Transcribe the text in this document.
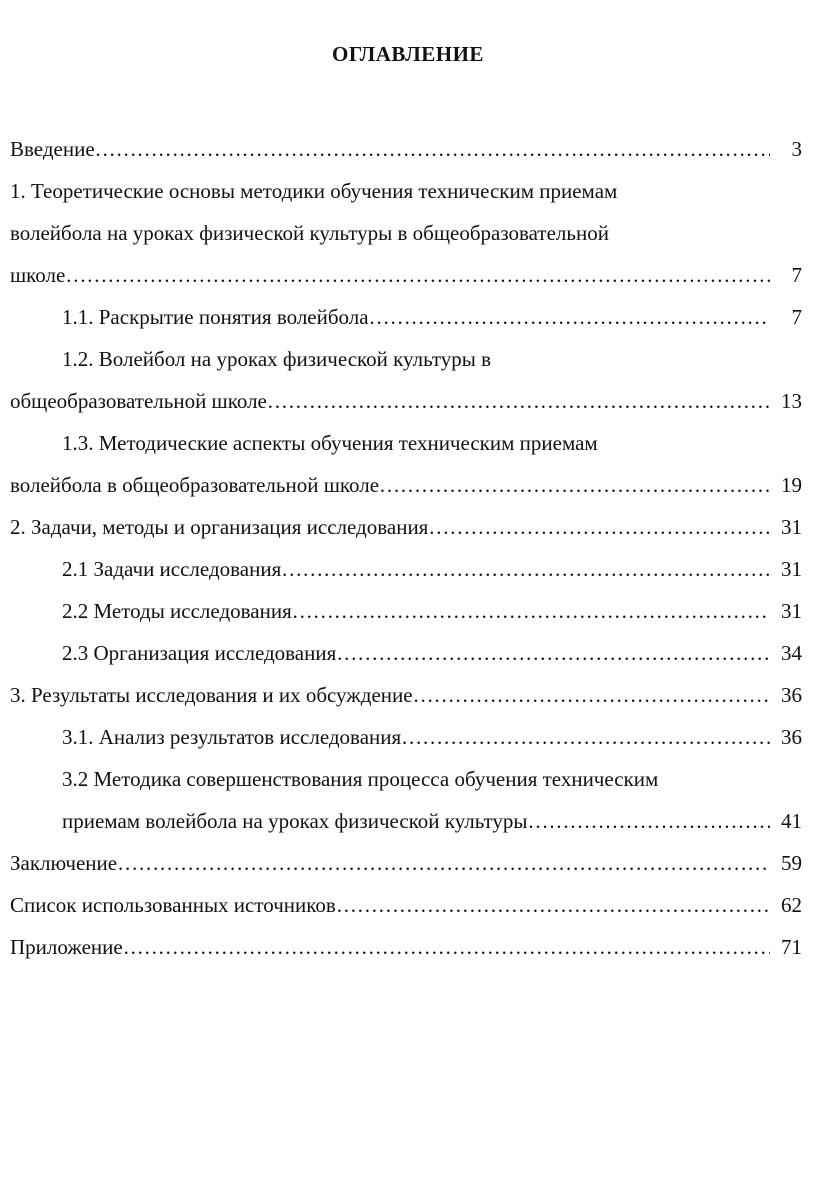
ОГЛАВЛЕНИЕ
Введение …………………………………………………………………………………………………………………………………………………………………………	3
1. Теоретические основы методики обучения техническим приемам
волейбола на уроках физической культуры в общеобразовательной
школе …………………………………………………………………………………………………………………………………………………………………………	7
1.1. Раскрытие понятия волейбола …………………………………………………………………………………………………………………………………………………………………………	7
1.2. Волейбол на уроках физической культуры в
общеобразовательной школе …………………………………………………………………………………………………………………………………………………………………………	13
1.3. Методические аспекты обучения техническим приемам
волейбола в общеобразовательной школе …………………………………………………………………………………………………………………………………………………………………………	19
2. Задачи, методы и организация исследования …………………………………………………………………………………………………………………………………………………………………………	31
2.1 Задачи исследования …………………………………………………………………………………………………………………………………………………………………………	31
2.2 Методы исследования …………………………………………………………………………………………………………………………………………………………………………	31
2.3 Организация исследования …………………………………………………………………………………………………………………………………………………………………………	34
3. Результаты исследования и их обсуждение …………………………………………………………………………………………………………………………………………………………………………	36
3.1. Анализ результатов исследования …………………………………………………………………………………………………………………………………………………………………………	36
3.2 Методика совершенствования процесса обучения техническим
приемам волейбола на уроках физической культуры …………………………………………………………………………………………………………………………………………………………………………	41
Заключение …………………………………………………………………………………………………………………………………………………………………………	59
Список использованных источников …………………………………………………………………………………………………………………………………………………………………………	62
Приложение …………………………………………………………………………………………………………………………………………………………………………	71
